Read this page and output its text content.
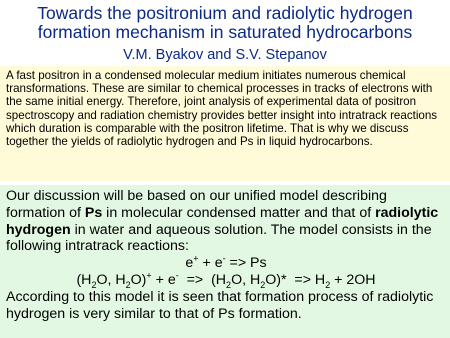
Towards the positronium and radiolytic hydrogen formation mechanism in saturated hydrocarbons
V.M. Byakov and S.V. Stepanov
A fast positron in a condensed molecular medium initiates numerous chemical transformations. These are similar to chemical processes in tracks of electrons with the same initial energy. Therefore, joint analysis of experimental data of positron spectroscopy and radiation chemistry provides better insight into intratrack reactions which duration is comparable with the positron lifetime. That is why we discuss together the yields of radiolytic hydrogen and Ps in liquid hydrocarbons.
Our discussion will be based on our unified model describing formation of Ps in molecular condensed matter and that of radiolytic hydrogen in water and aqueous solution. The model consists in the following intratrack reactions:
e+ + e- => Ps
($H_2O$, $H_2O)^+ + e^- => (H_2O$, $H_2O)* => H_2 + 2OH$
According to this model it is seen that formation process of radiolytic hydrogen is very similar to that of Ps formation.
